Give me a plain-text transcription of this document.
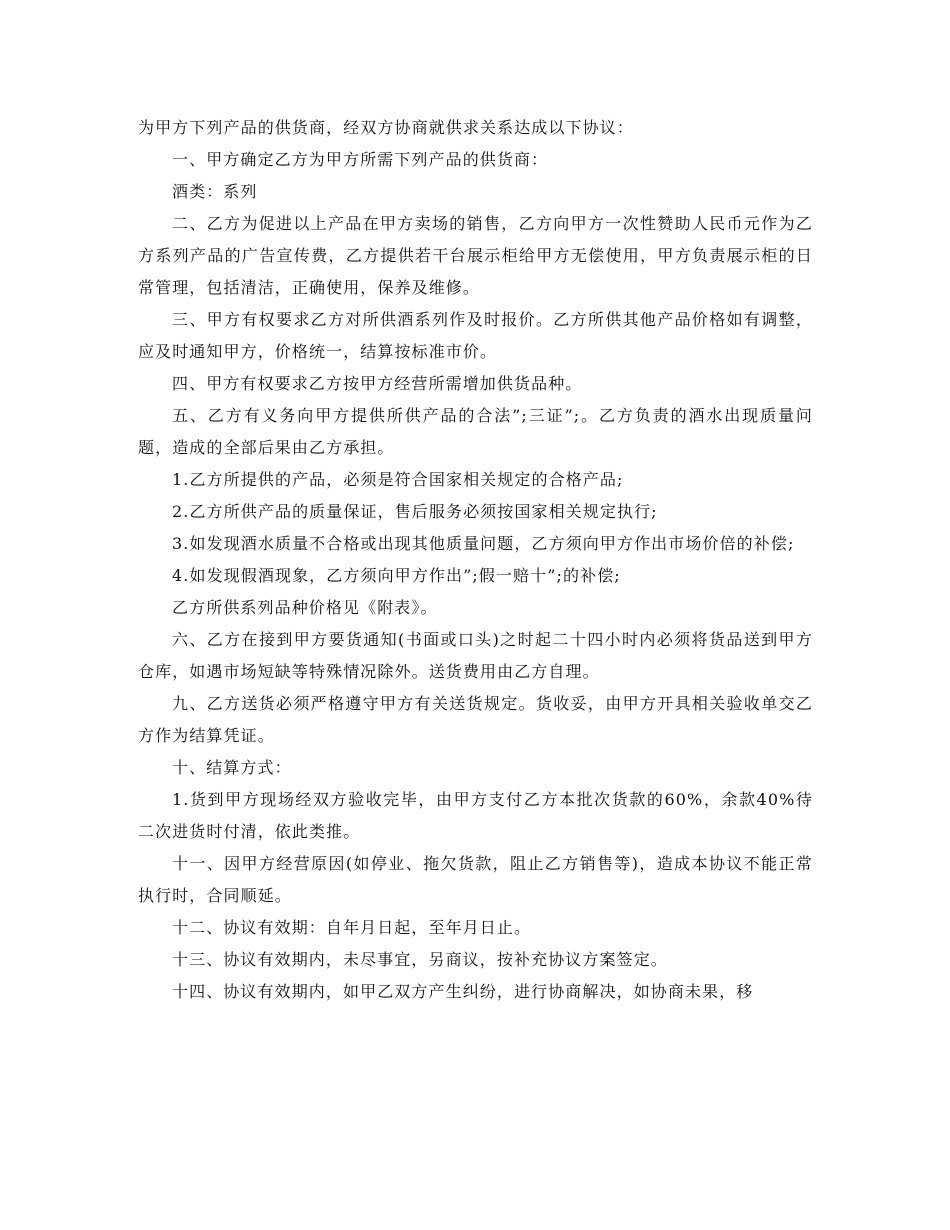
为甲方下列产品的供货商，经双方协商就供求关系达成以下协议：

一、甲方确定乙方为甲方所需下列产品的供货商：

酒类：系列

二、乙方为促进以上产品在甲方卖场的销售，乙方向甲方一次性赞助人民币元作为乙方系列产品的广告宣传费，乙方提供若干台展示柜给甲方无偿使用，甲方负责展示柜的日常管理，包括清洁，正确使用，保养及维修。

三、甲方有权要求乙方对所供酒系列作及时报价。乙方所供其他产品价格如有调整，应及时通知甲方，价格统一，结算按标准市价。

四、甲方有权要求乙方按甲方经营所需增加供货品种。

五、乙方有义务向甲方提供所供产品的合法”;三证”;。乙方负责的酒水出现质量问题，造成的全部后果由乙方承担。

1.乙方所提供的产品，必须是符合国家相关规定的合格产品;

2.乙方所供产品的质量保证，售后服务必须按国家相关规定执行;

3.如发现酒水质量不合格或出现其他质量问题，乙方须向甲方作出市场价倍的补偿;

4.如发现假酒现象，乙方须向甲方作出”;假一赔十”;的补偿;

乙方所供系列品种价格见《附表》。

六、乙方在接到甲方要货通知(书面或口头)之时起二十四小时内必须将货品送到甲方仓库，如遇市场短缺等特殊情况除外。送货费用由乙方自理。

九、乙方送货必须严格遵守甲方有关送货规定。货收妥，由甲方开具相关验收单交乙方作为结算凭证。

十、结算方式：

1.货到甲方现场经双方验收完毕，由甲方支付乙方本批次货款的60%，余款40%待二次进货时付清，依此类推。

十一、因甲方经营原因(如停业、拖欠货款，阻止乙方销售等)，造成本协议不能正常执行时，合同顺延。

十二、协议有效期：自年月日起，至年月日止。

十三、协议有效期内，未尽事宜，另商议，按补充协议方案签定。

十四、协议有效期内，如甲乙双方产生纠纷，进行协商解决，如协商未果，移
